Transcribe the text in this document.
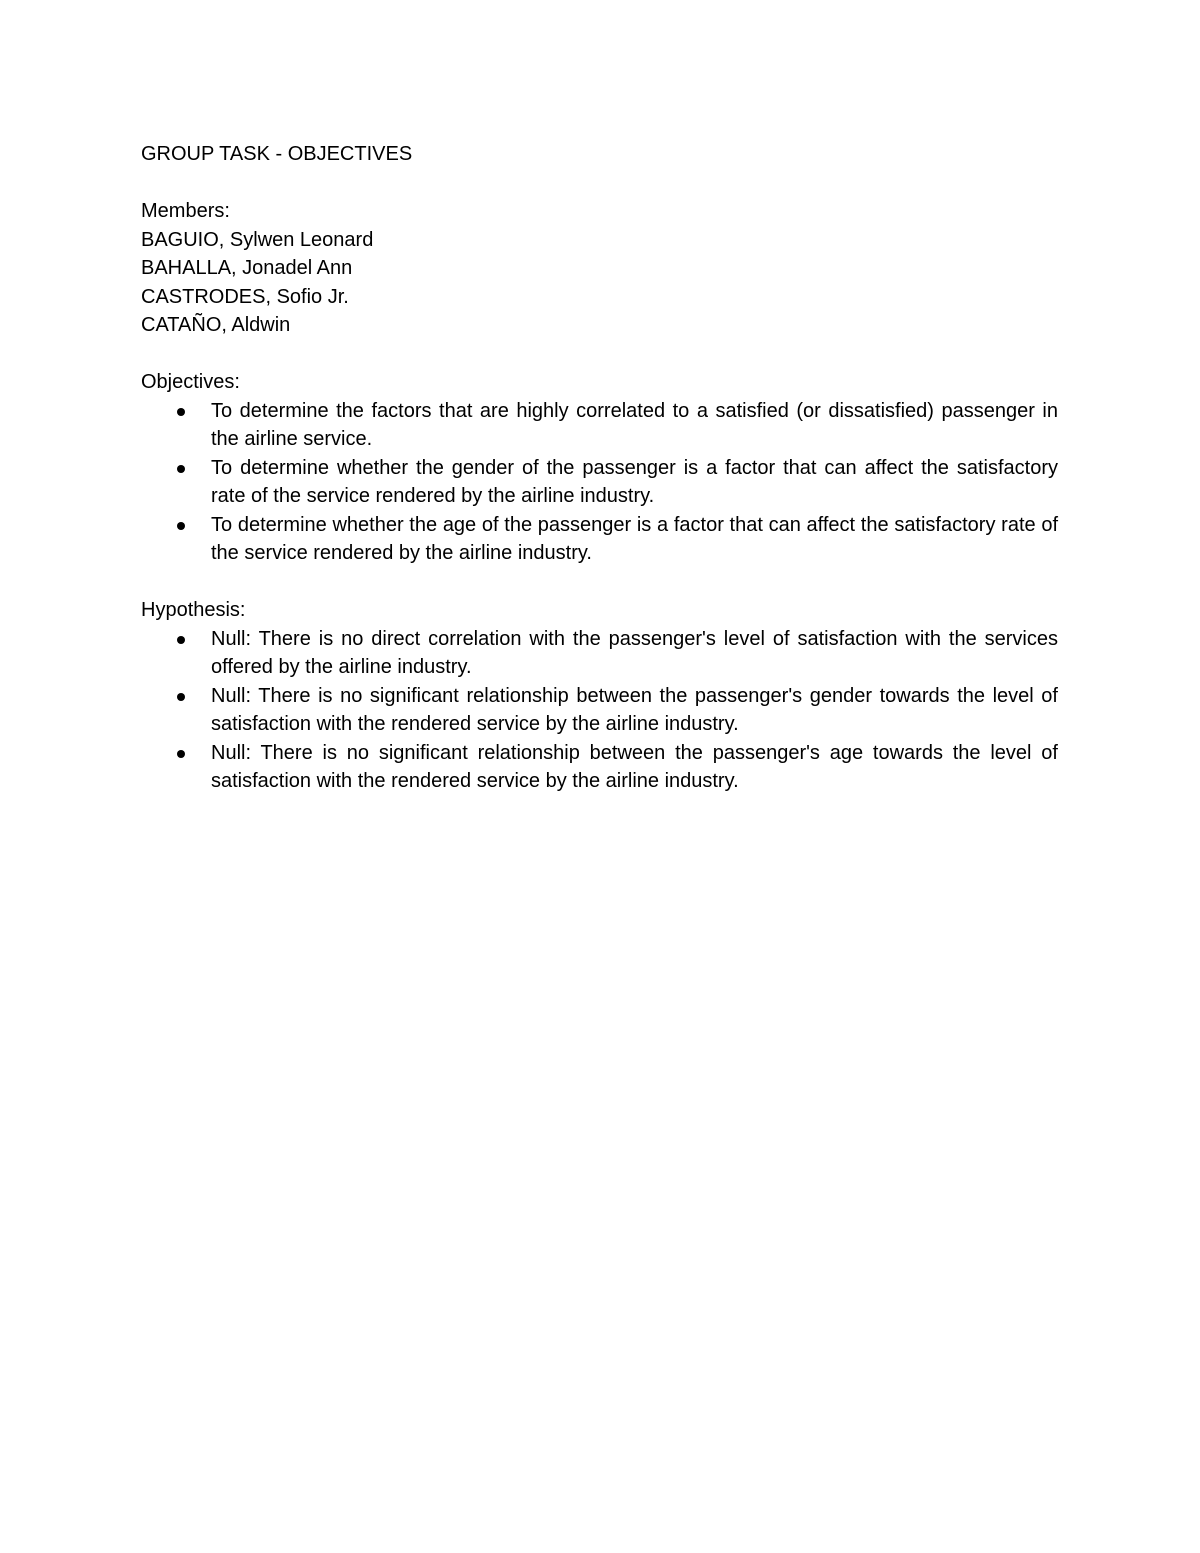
GROUP TASK - OBJECTIVES

Members:

BAGUIO, Sylwen Leonard

BAHALLA, Jonadel Ann

CASTRODES, Sofio Jr.

CATAÑO, Aldwin

Objectives:

To determine the factors that are highly correlated to a satisfied (or dissatisfied) passenger in the airline service.
To determine whether the gender of the passenger is a factor that can affect the satisfactory rate of the service rendered by the airline industry.
To determine whether the age of the passenger is a factor that can affect the satisfactory rate of the service rendered by the airline industry.

Hypothesis:

Null: There is no direct correlation with the passenger's level of satisfaction with the services offered by the airline industry.
Null: There is no significant relationship between the passenger's gender towards the level of satisfaction with the rendered service by the airline industry.
Null: There is no significant relationship between the passenger's age towards the level of satisfaction with the rendered service by the airline industry.
